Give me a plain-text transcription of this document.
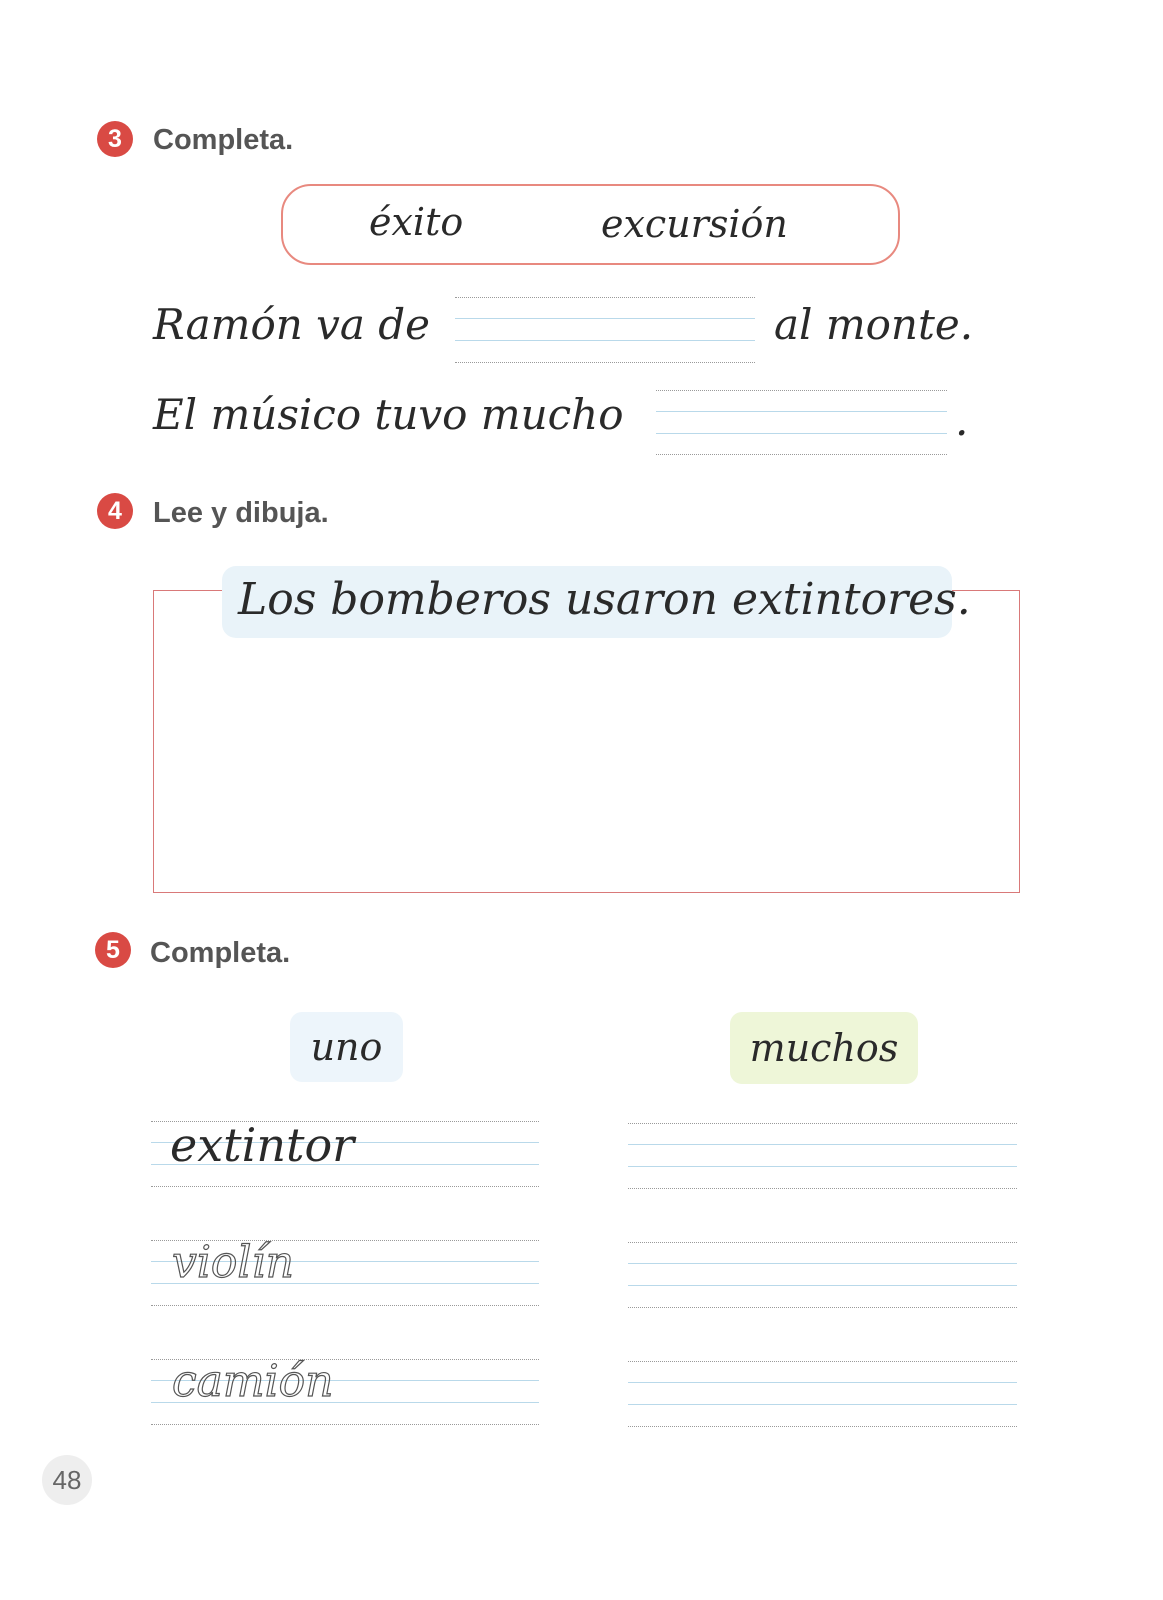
3	Completa.
éxito	excursión
Ramón va de	al monte.
El músico tuvo mucho	.
4	Lee y dibuja.
Los bomberos usaron extintores.
5	Completa.
uno	muchos
extintor
violín
camión
48
